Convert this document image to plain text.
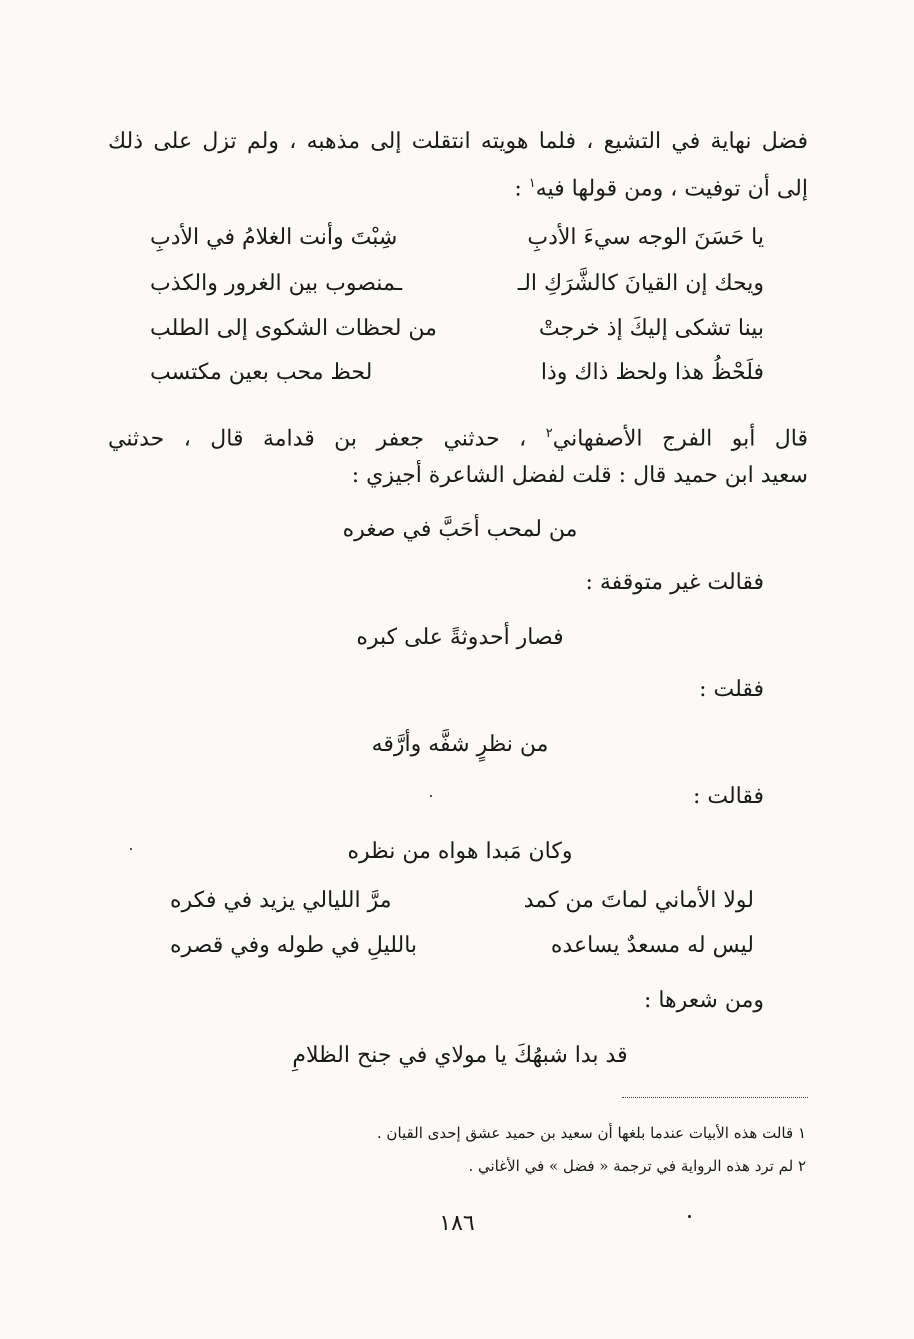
فضل نهاية في التشيع ، فلما هويته انتقلت إلى مذهبه ، ولم تزل على ذلك
إلى أن توفيت ، ومن قولها فيه$^١$ :
يا حَسَنَ الوجه سيءَ الأدبِ
شِبْتَ وأنت الغلامُ في الأدبِ
ويحك إن القيانَ كالشَّرَكِ الـ
ـمنصوب بين الغرور والكذب
بينا تشكى إليكَ إذ خرجتْ
من لحظات الشكوى إلى الطلب
فلَحْظُ هذا ولحظ ذاك وذا
لحظ محب بعين مكتسب
قال أبو الفرج الأصفهاني$^٢$ ، حدثني جعفر بن قدامة قال ، حدثني
سعيد ابن حميد قال : قلت لفضل الشاعرة أجيزي :
من لمحب أحَبَّ في صغره
فقالت غير متوقفة :
فصار أحدوثةً على كبره
فقلت :
من نظرٍ شفَّه وأرَّقه
فقالت :
وكان مَبدا هواه من نظره
لولا الأماني لماتَ من كمد
مرَّ الليالي يزيد في فكره
ليس له مسعدٌ يساعده
بالليلِ في طوله وفي قصره
ومن شعرها :
قد بدا شبهُكَ يا مولاي في جنح الظلامِ
١ قالت هذه الأبيات عندما بلغها أن سعيد بن حميد عشق إحدى القيان .
٢ لم ترد هذه الرواية في ترجمة « فضل » في الأغاني .
١٨٦
